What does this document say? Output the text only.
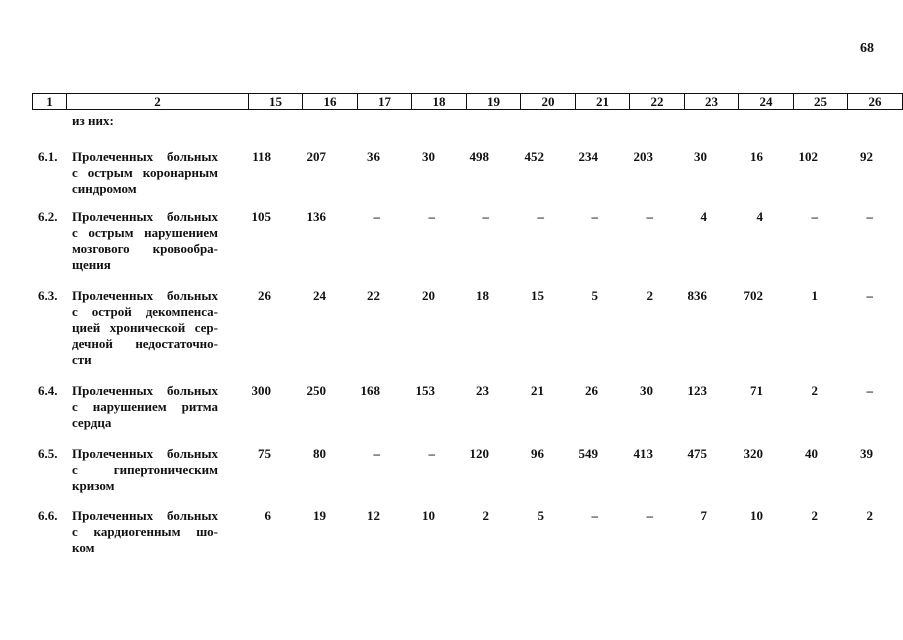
68
1	2	15	16	17	18	19	20	21	22	23	24	25	26
из них:
6.1. Пролеченных больных
с острым коронарным
синдромом
118	207	36	30	498	452	234	203	30	16	102	92
6.2. Пролеченных больных
с острым нарушением
мозгового кровообра-
щения
105	136	–	–	–	–	–	–	4	4	–	–
6.3. Пролеченных больных
с острой декомпенса-
цией хронической сер-
дечной недостаточно-
сти
26	24	22	20	18	15	5	2	836	702	1	–
6.4. Пролеченных больных
с нарушением ритма
сердца
300	250	168	153	23	21	26	30	123	71	2	–
6.5. Пролеченных больных
с гипертоническим
кризом
75	80	–	–	120	96	549	413	475	320	40	39
6.6. Пролеченных больных
с кардиогенным шо-
ком
6	19	12	10	2	5	–	–	7	10	2	2
